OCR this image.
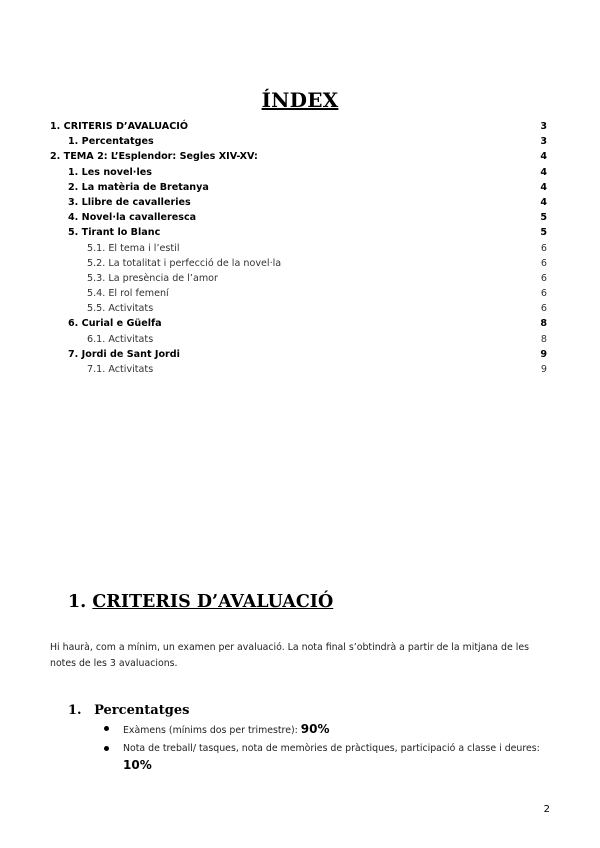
ÍNDEX
1. CRITERIS D’AVALUACIÓ	3
1. Percentatges	3
2. TEMA 2: L’Esplendor: Segles XIV-XV:	4
1. Les novel·les	4
2. La matèria de Bretanya	4
3. Llibre de cavalleries	4
4. Novel·la cavalleresca	5
5. Tirant lo Blanc	5
5.1. El tema i l’estil	6
5.2. La totalitat i perfecció de la novel·la	6
5.3. La presència de l’amor	6
5.4. El rol femení	6
5.5. Activitats	6
6. Curial e Güelfa	8
6.1. Activitats	8
7. Jordi de Sant Jordi	9
7.1. Activitats	9
1. CRITERIS D’AVALUACIÓ
Hi haurà, com a mínim, un examen per avaluació. La nota final s’obtindrà a partir de la mitjana de les notes de les 3 avaluacions.
1. Percentatges
Exàmens (mínims dos per trimestre): 90%
Nota de treball/ tasques, nota de memòries de pràctiques, participació a classe i deures:
10%
2
